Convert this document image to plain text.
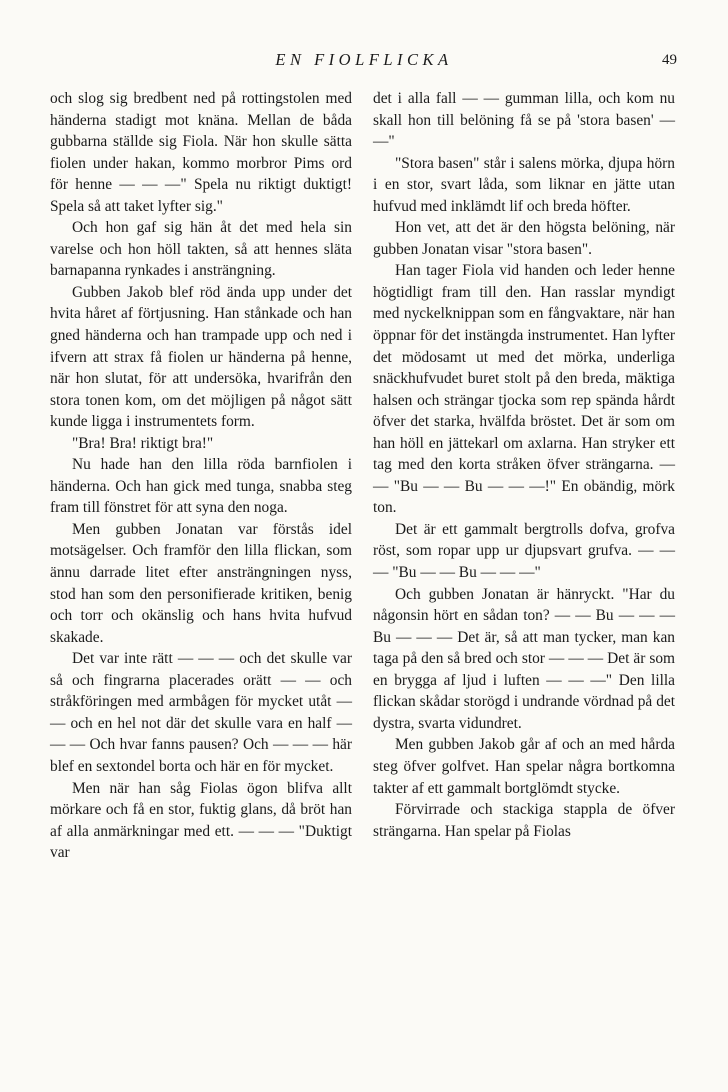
EN FIOLFLICKA	49

och slog sig bredbent ned på rottingstolen med händerna stadigt mot knäna. Mellan de båda gubbarna ställde sig Fiola. När hon skulle sätta fiolen under hakan, kommo morbror Pims ord för henne — — —" Spela nu riktigt duktigt! Spela så att taket lyfter sig."

Och hon gaf sig hän åt det med hela sin varelse och hon höll takten, så att hennes släta barnapanna rynkades i ansträngning.

Gubben Jakob blef röd ända upp under det hvita håret af förtjusning. Han stånkade och han gned händerna och han trampade upp och ned i ifvern att strax få fiolen ur händerna på henne, när hon slutat, för att undersöka, hvarifrån den stora tonen kom, om det möjligen på något sätt kunde ligga i instrumentets form.

"Bra! Bra! riktigt bra!"

Nu hade han den lilla röda barnfiolen i händerna. Och han gick med tunga, snabba steg fram till fönstret för att syna den noga.

Men gubben Jonatan var förstås idel motsägelser. Och framför den lilla flickan, som ännu darrade litet efter ansträngningen nyss, stod han som den personifierade kritiken, benig och torr och okänslig och hans hvita hufvud skakade.

Det var inte rätt — — — och det skulle var så och fingrarna placerades orätt — — och stråkföringen med armbågen för mycket utåt — — och en hel not där det skulle vara en half — — — Och hvar fanns pausen? Och — — — här blef en sextondel borta och här en för mycket.

Men när han såg Fiolas ögon blifva allt mörkare och få en stor, fuktig glans, då bröt han af alla anmärkningar med ett. — — — "Duktigt var

det i alla fall — — gumman lilla, och kom nu skall hon till belöning få se på 'stora basen' — —"

"Stora basen" står i salens mörka, djupa hörn i en stor, svart låda, som liknar en jätte utan hufvud med inklämdt lif och breda höfter.

Hon vet, att det är den högsta belöning, när gubben Jonatan visar "stora basen".

Han tager Fiola vid handen och leder henne högtidligt fram till den. Han rasslar myndigt med nyckelknippan som en fångvaktare, när han öppnar för det instängda instrumentet. Han lyfter det mödosamt ut med det mörka, underliga snäckhufvudet buret stolt på den breda, mäktiga halsen och strängar tjocka som rep spända hårdt öfver det starka, hvälfda bröstet. Det är som om han höll en jättekarl om axlarna. Han stryker ett tag med den korta stråken öfver strängarna. — — "Bu — — Bu — — —!" En obändig, mörk ton.

Det är ett gammalt bergtrolls dofva, grofva röst, som ropar upp ur djupsvart grufva. — — — "Bu — — Bu — — —"

Och gubben Jonatan är hänryckt. "Har du någonsin hört en sådan ton? — — Bu — — — Bu — — — Det är, så att man tycker, man kan taga på den så bred och stor — — — Det är som en brygga af ljud i luften — — —" Den lilla flickan skådar storögd i undrande vördnad på det dystra, svarta vidundret.

Men gubben Jakob går af och an med hårda steg öfver golfvet. Han spelar några bortkomna takter af ett gammalt bortglömdt stycke.

Förvirrade och stackiga stappla de öfver strängarna. Han spelar på Fiolas
